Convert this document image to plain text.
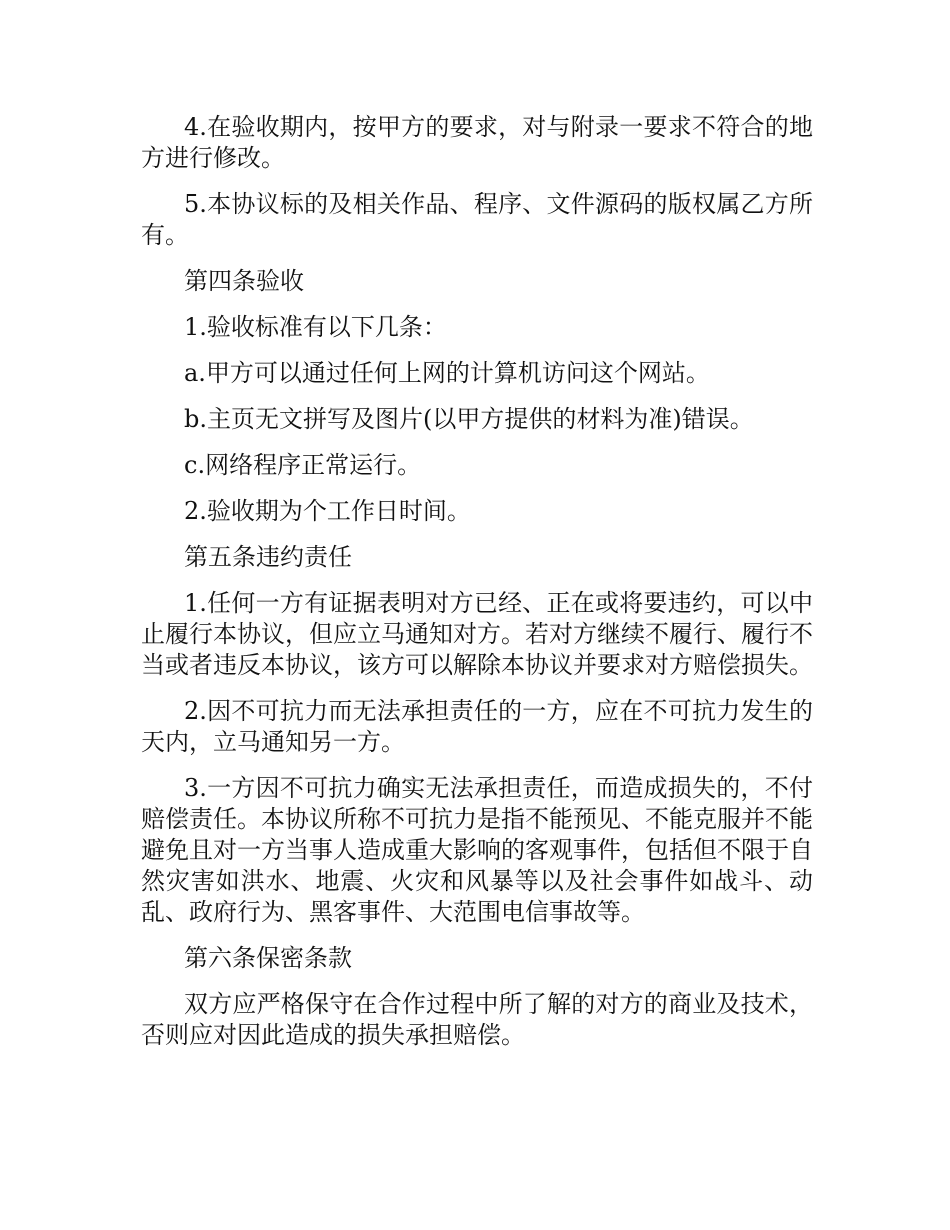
4.在验收期内，按甲方的要求，对与附录一要求不符合的地方进行修改。

5.本协议标的及相关作品、程序、文件源码的版权属乙方所有。

第四条验收

1.验收标准有以下几条：

a.甲方可以通过任何上网的计算机访问这个网站。

b.主页无文拼写及图片(以甲方提供的材料为准)错误。

c.网络程序正常运行。

2.验收期为个工作日时间。

第五条违约责任

1.任何一方有证据表明对方已经、正在或将要违约，可以中止履行本协议，但应立马通知对方。若对方继续不履行、履行不当或者违反本协议，该方可以解除本协议并要求对方赔偿损失。

2.因不可抗力而无法承担责任的一方，应在不可抗力发生的天内，立马通知另一方。

3.一方因不可抗力确实无法承担责任，而造成损失的，不付赔偿责任。本协议所称不可抗力是指不能预见、不能克服并不能避免且对一方当事人造成重大影响的客观事件，包括但不限于自然灾害如洪水、地震、火灾和风暴等以及社会事件如战斗、动乱、政府行为、黑客事件、大范围电信事故等。

第六条保密条款

双方应严格保守在合作过程中所了解的对方的商业及技术，否则应对因此造成的损失承担赔偿。
